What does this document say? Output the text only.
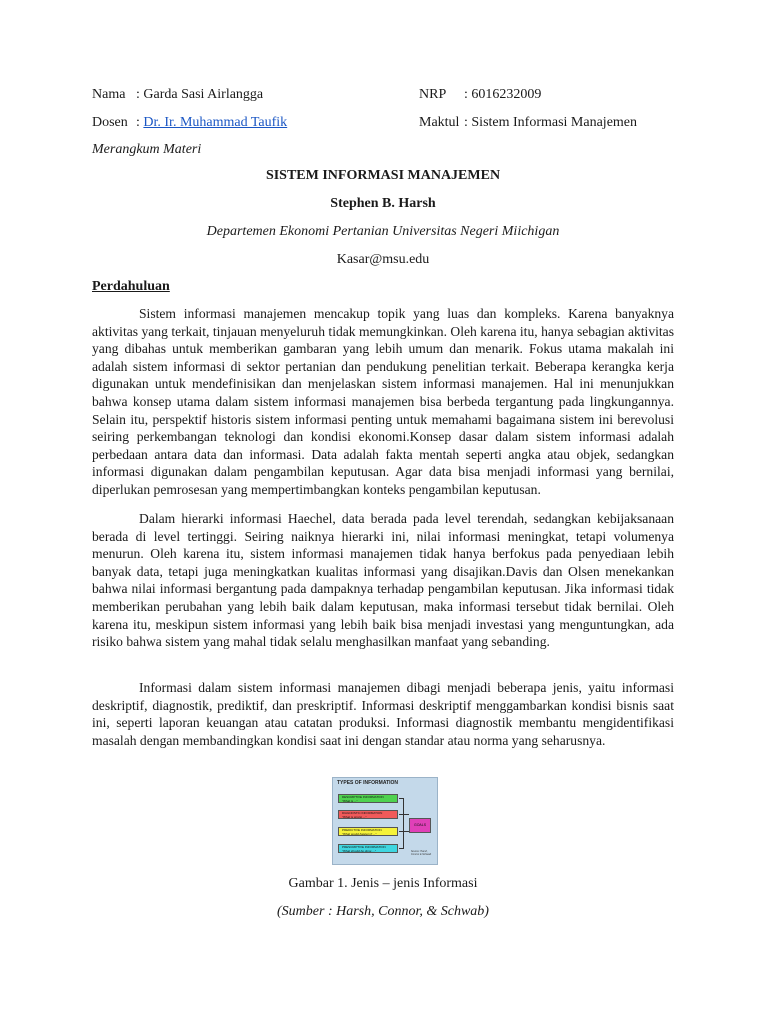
Nama : Garda Sasi Airlangga	NRP : 6016232009
Dosen : Dr. Ir. Muhammad Taufik	Maktul : Sistem Informasi Manajemen
Merangkum Materi
SISTEM INFORMASI MANAJEMEN
Stephen B. Harsh
Departemen Ekonomi Pertanian Universitas Negeri Miichigan
Kasar@msu.edu
Perdahuluan

Sistem informasi manajemen mencakup topik yang luas dan kompleks. Karena banyaknya aktivitas yang terkait, tinjauan menyeluruh tidak memungkinkan. Oleh karena itu, hanya sebagian aktivitas yang dibahas untuk memberikan gambaran yang lebih umum dan menarik. Fokus utama makalah ini adalah sistem informasi di sektor pertanian dan pendukung penelitian terkait. Beberapa kerangka kerja digunakan untuk mendefinisikan dan menjelaskan sistem informasi manajemen. Hal ini menunjukkan bahwa konsep utama dalam sistem informasi manajemen bisa berbeda tergantung pada lingkungannya. Selain itu, perspektif historis sistem informasi penting untuk memahami bagaimana sistem ini berevolusi seiring perkembangan teknologi dan kondisi ekonomi.Konsep dasar dalam sistem informasi adalah perbedaan antara data dan informasi. Data adalah fakta mentah seperti angka atau objek, sedangkan informasi digunakan dalam pengambilan keputusan. Agar data bisa menjadi informasi yang bernilai, diperlukan pemrosesan yang mempertimbangkan konteks pengambilan keputusan.

Dalam hierarki informasi Haechel, data berada pada level terendah, sedangkan kebijaksanaan berada di level tertinggi. Seiring naiknya hierarki ini, nilai informasi meningkat, tetapi volumenya menurun. Oleh karena itu, sistem informasi manajemen tidak hanya berfokus pada penyediaan lebih banyak data, tetapi juga meningkatkan kualitas informasi yang disajikan.Davis dan Olsen menekankan bahwa nilai informasi bergantung pada dampaknya terhadap pengambilan keputusan. Jika informasi tidak memberikan perubahan yang lebih baik dalam keputusan, maka informasi tersebut tidak bernilai. Oleh karena itu, meskipun sistem informasi yang lebih baik bisa menjadi investasi yang menguntungkan, ada risiko bahwa sistem yang mahal tidak selalu menghasilkan manfaat yang sebanding.

Informasi dalam sistem informasi manajemen dibagi menjadi beberapa jenis, yaitu informasi deskriptif, diagnostik, prediktif, dan preskriptif. Informasi deskriptif menggambarkan kondisi bisnis saat ini, seperti laporan keuangan atau catatan produksi. Informasi diagnostik membantu mengidentifikasi masalah dengan membandingkan kondisi saat ini dengan standar atau norma yang seharusnya.

TYPES OF INFORMATION
DESCRIPTIVE INFORMATION
"What is ..."
DIAGNOSTIC INFORMATION
"What is wrong ..."
PREDICTIVE INFORMATION
"What would happen if ..."
PRESCRIPTIVE INFORMATION
"What should be done ..."
GOALS
Source: Harsh, Connor & Schwab
Gambar 1. Jenis – jenis Informasi
(Sumber : Harsh, Connor, & Schwab)
